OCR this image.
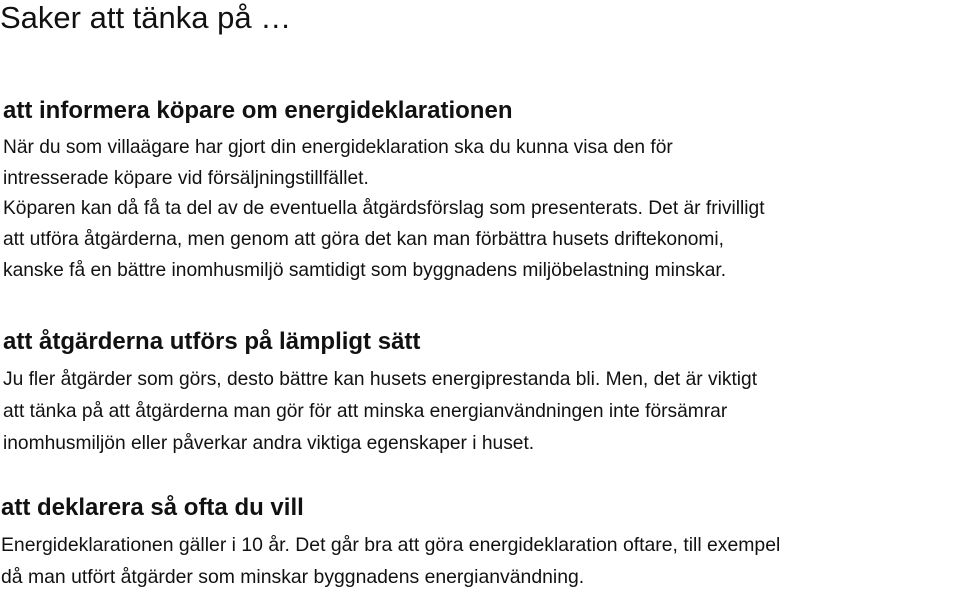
Saker att tänka på …
att informera köpare om energideklarationen

När du som villaägare har gjort din energideklaration ska du kunna visa den för
intresserade köpare vid försäljningstillfället.
Köparen kan då få ta del av de eventuella åtgärdsförslag som presenterats. Det är frivilligt
att utföra åtgärderna, men genom att göra det kan man förbättra husets driftekonomi,
kanske få en bättre inomhusmiljö samtidigt som byggnadens miljöbelastning minskar.

att åtgärderna utförs på lämpligt sätt

Ju fler åtgärder som görs, desto bättre kan husets energiprestanda bli. Men, det är viktigt
att tänka på att åtgärderna man gör för att minska energianvändningen inte försämrar
inomhusmiljön eller påverkar andra viktiga egenskaper i huset.

att deklarera så ofta du vill

Energideklarationen gäller i 10 år. Det går bra att göra energideklaration oftare, till exempel
då man utfört åtgärder som minskar byggnadens energianvändning.
